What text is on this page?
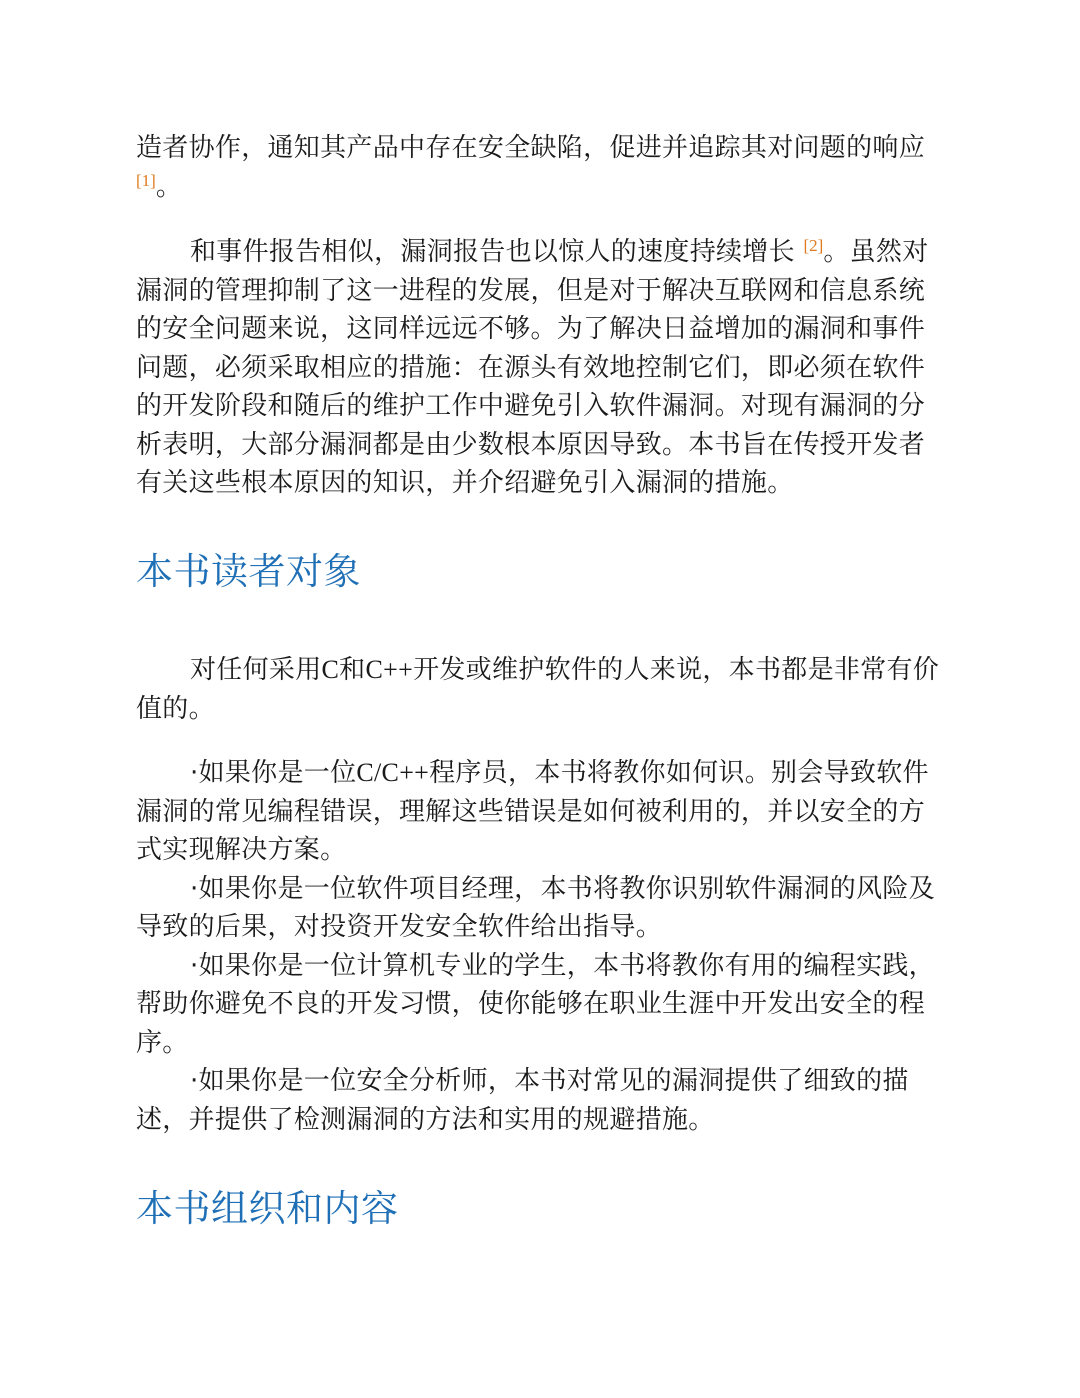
造者协作，通知其产品中存在安全缺陷，促进并追踪其对问题的响应[1]。

和事件报告相似，漏洞报告也以惊人的速度持续增长 [2]。虽然对漏洞的管理抑制了这一进程的发展，但是对于解决互联网和信息系统的安全问题来说，这同样远远不够。为了解决日益增加的漏洞和事件问题，必须采取相应的措施：在源头有效地控制它们，即必须在软件的开发阶段和随后的维护工作中避免引入软件漏洞。对现有漏洞的分析表明，大部分漏洞都是由少数根本原因导致。本书旨在传授开发者有关这些根本原因的知识，并介绍避免引入漏洞的措施。

本书读者对象

对任何采用C和C++开发或维护软件的人来说，本书都是非常有价值的。

·如果你是一位C/C++程序员，本书将教你如何识。别会导致软件漏洞的常见编程错误，理解这些错误是如何被利用的，并以安全的方式实现解决方案。

·如果你是一位软件项目经理，本书将教你识别软件漏洞的风险及导致的后果，对投资开发安全软件给出指导。

·如果你是一位计算机专业的学生，本书将教你有用的编程实践，帮助你避免不良的开发习惯，使你能够在职业生涯中开发出安全的程序。

·如果你是一位安全分析师，本书对常见的漏洞提供了细致的描述，并提供了检测漏洞的方法和实用的规避措施。

本书组织和内容
